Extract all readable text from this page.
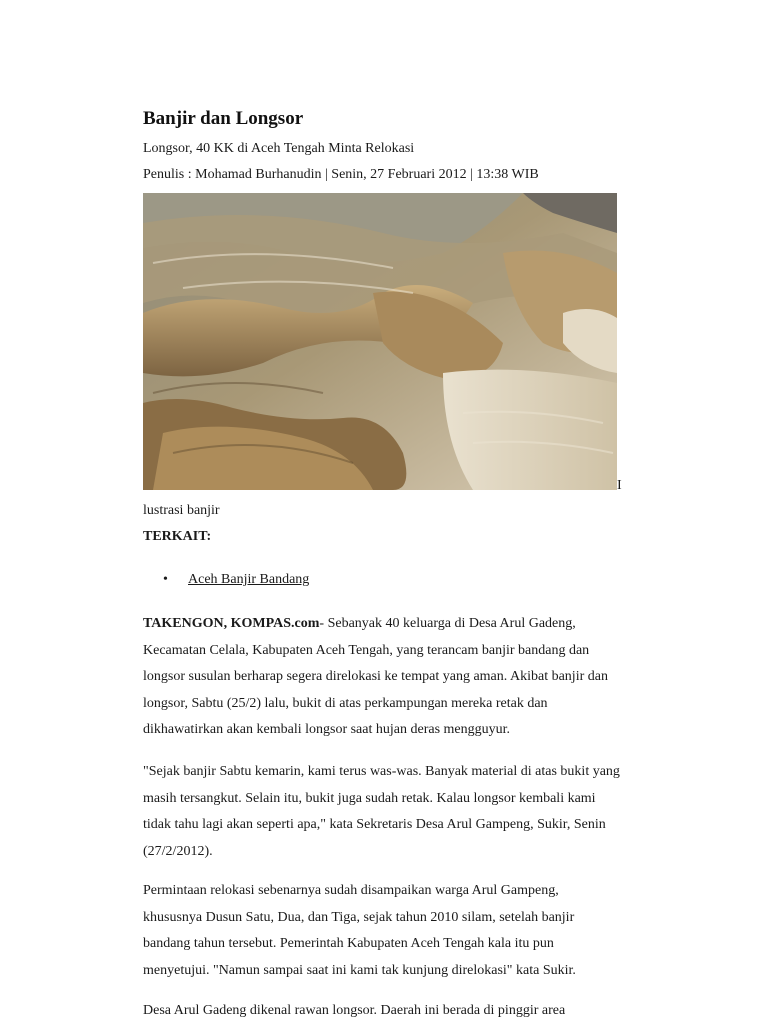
Banjir dan Longsor

Longsor, 40 KK di Aceh Tengah Minta Relokasi

Penulis : Mohamad Burhanudin | Senin, 27 Februari 2012 | 13:38 WIB

I

lustrasi banjir

TERKAIT:

• Aceh Banjir Bandang

TAKENGON, KOMPAS.com- Sebanyak 40 keluarga di Desa Arul Gadeng, Kecamatan Celala, Kabupaten Aceh Tengah, yang terancam banjir bandang dan longsor susulan berharap segera direlokasi ke tempat yang aman. Akibat banjir dan longsor, Sabtu (25/2) lalu, bukit di atas perkampungan mereka retak dan dikhawatirkan akan kembali longsor saat hujan deras mengguyur.

"Sejak banjir Sabtu kemarin, kami terus was-was. Banyak material di atas bukit yang masih tersangkut. Selain itu, bukit juga sudah retak. Kalau longsor kembali kami tidak tahu lagi akan seperti apa," kata Sekretaris Desa Arul Gampeng, Sukir, Senin (27/2/2012).

Permintaan relokasi sebenarnya sudah disampaikan warga Arul Gampeng, khususnya Dusun Satu, Dua, dan Tiga, sejak tahun 2010 silam, setelah banjir bandang tahun tersebut. Pemerintah Kabupaten Aceh Tengah kala itu pun menyetujui. "Namun sampai saat ini kami tak kunjung direlokasi" kata Sukir.

Desa Arul Gadeng dikenal rawan longsor. Daerah ini berada di pinggir area
